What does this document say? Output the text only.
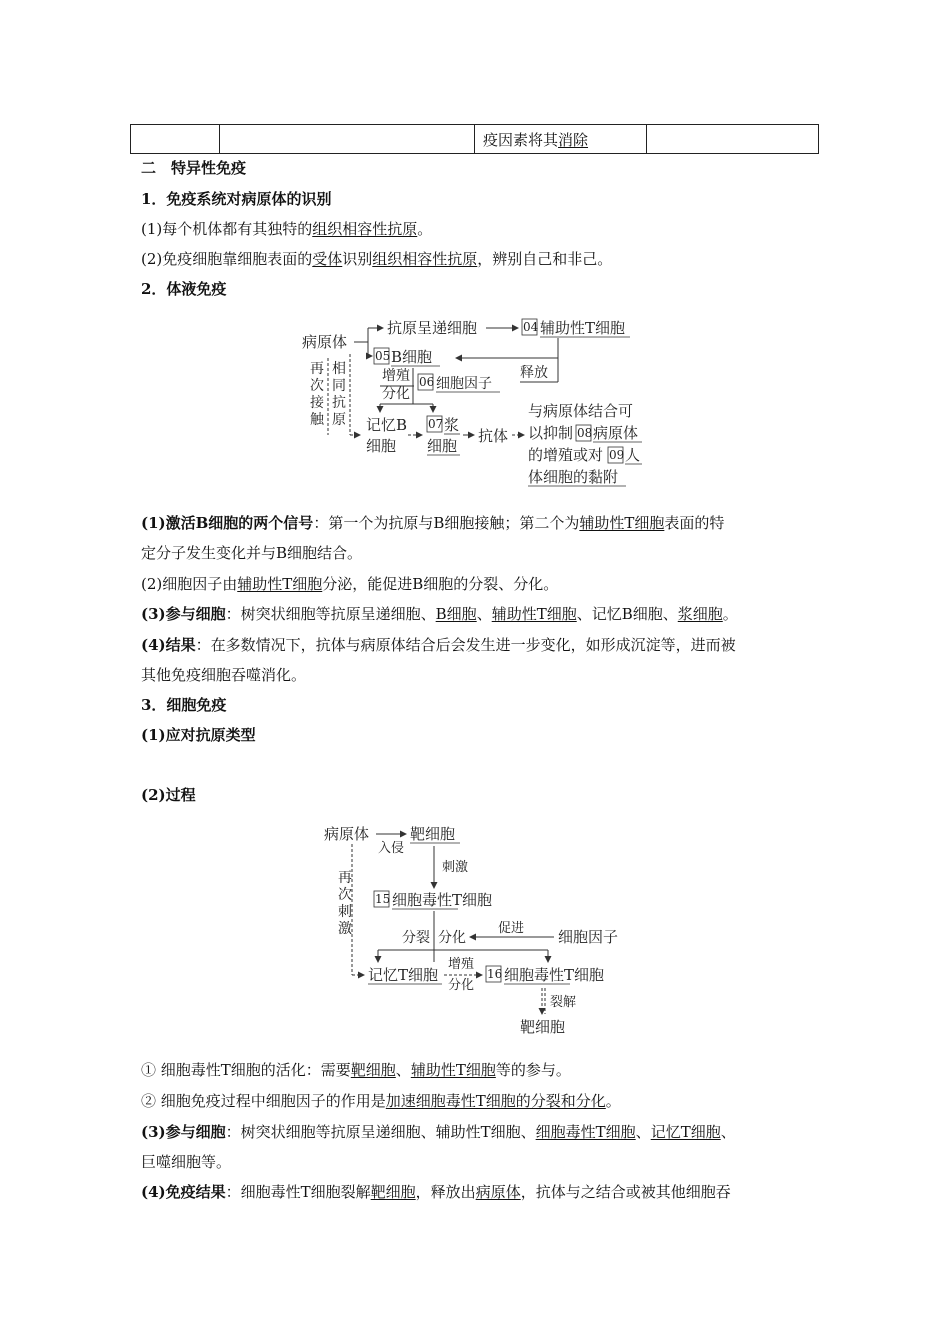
		疫因素将其消除	
二　特异性免疫
1．免疫系统对病原体的识别
(1)每个机体都有其独特的组织相容性抗原。
(2)免疫细胞靠细胞表面的受体识别组织相容性抗原，辨别自己和非己。
2．体液免疫
病原体
抗原呈递细胞	04 辅助性T细胞
05 B细胞
释放
增殖
分化
06 细胞因子
再
次
接
触
相
同
抗
原 记忆B
细胞
07 浆
细胞
抗体
与病原体结合可
以抑制 08 病原体
的增殖或对 09 人
体细胞的黏附
(1)激活B细胞的两个信号：第一个为抗原与B细胞接触；第二个为辅助性T细胞表面的特
定分子发生变化并与B细胞结合。
(2)细胞因子由辅助性T细胞分泌，能促进B细胞的分裂、分化。
(3)参与细胞：树突状细胞等抗原呈递细胞、B细胞、辅助性T细胞、记忆B细胞、浆细胞。
(4)结果：在多数情况下，抗体与病原体结合后会发生进一步变化，如形成沉淀等，进而被
其他免疫细胞吞噬消化。
3．细胞免疫
(1)应对抗原类型
(2)过程
病原体
入侵
靶细胞
刺激
再
次
刺
激
15 细胞毒性T细胞
分裂 分化
促进 细胞因子
记忆T细胞
增殖
分化
16 细胞毒性T细胞
裂解
靶细胞
① 细胞毒性T细胞的活化：需要靶细胞、辅助性T细胞等的参与。
② 细胞免疫过程中细胞因子的作用是加速细胞毒性T细胞的分裂和分化。
(3)参与细胞：树突状细胞等抗原呈递细胞、辅助性T细胞、细胞毒性T细胞、记忆T细胞、
巨噬细胞等。
(4)免疫结果：细胞毒性T细胞裂解靶细胞，释放出病原体，抗体与之结合或被其他细胞吞
